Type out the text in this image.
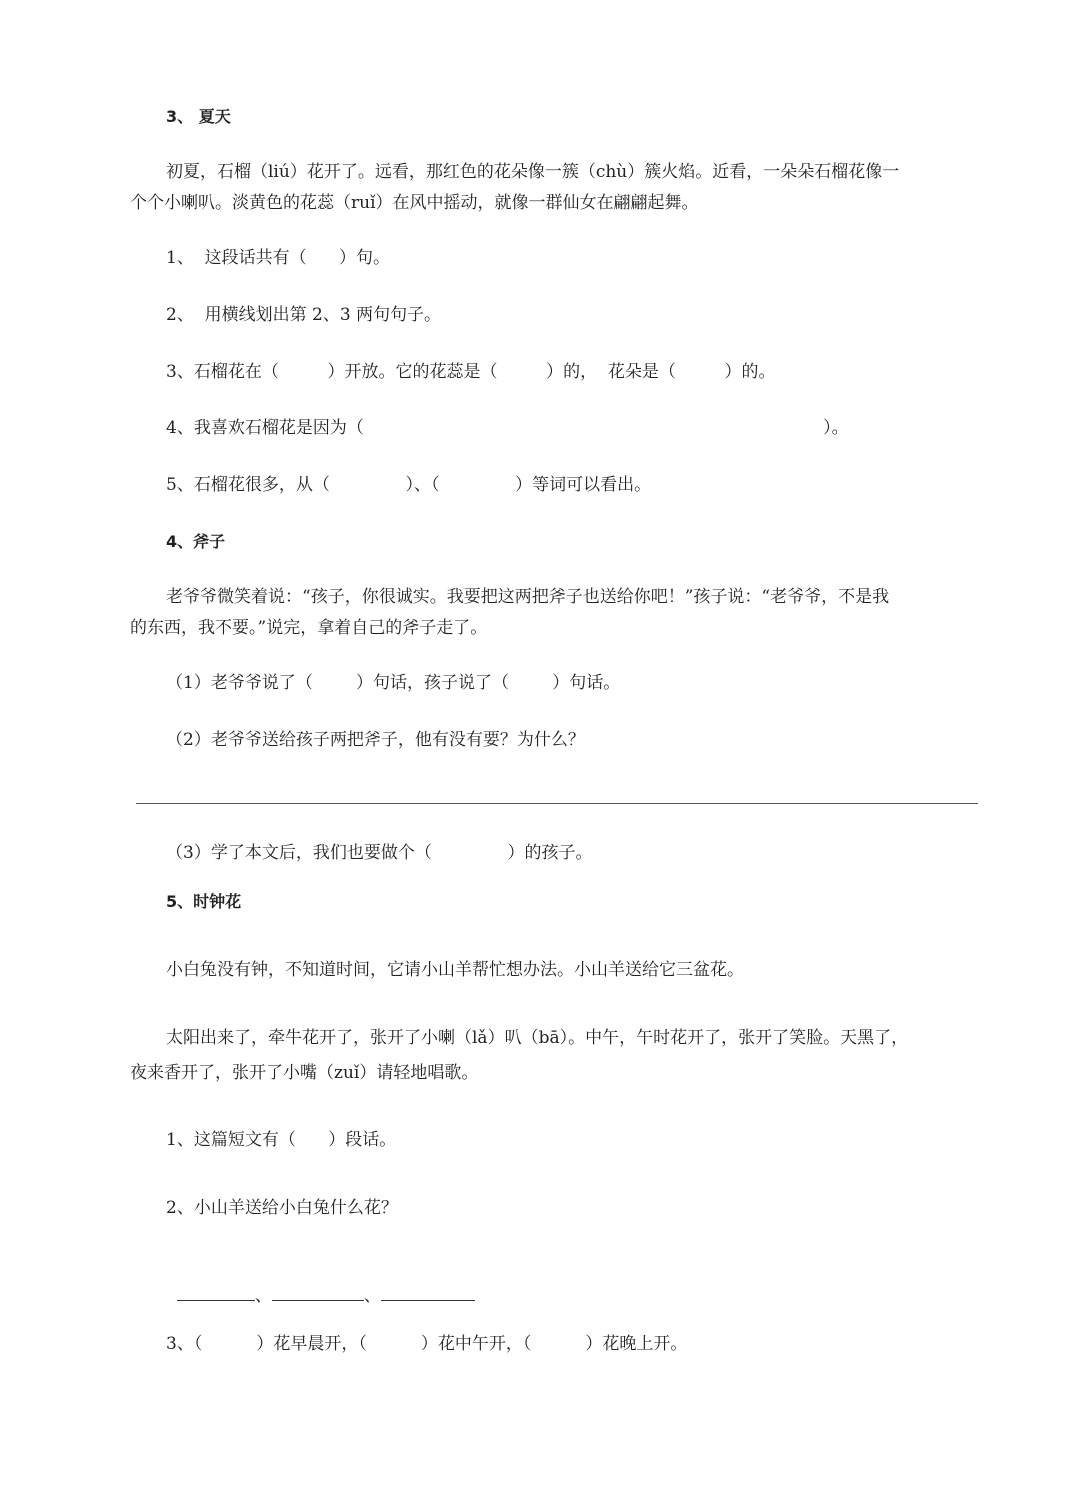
3、 夏天
初夏，石榴（liú）花开了。远看，那红色的花朵像一簇（chù）簇火焰。近看，一朵朵石榴花像一
个个小喇叭。淡黄色的花蕊（ruǐ）在风中摇动，就像一群仙女在翩翩起舞。
1、  这段话共有（      ）句。
2、  用横线划出第 2、3 两句句子。
3、石榴花在（         ）开放。它的花蕊是（         ）的，  花朵是（         ）的。
4、我喜欢石榴花是因为（                                                                                     ）。
5、石榴花很多，从（              ）、（              ）等词可以看出。
4、斧子
老爷爷微笑着说：“孩子，你很诚实。我要把这两把斧子也送给你吧！”孩子说：“老爷爷，不是我
的东西，我不要。”说完，拿着自己的斧子走了。
（1）老爷爷说了（        ）句话，孩子说了（        ）句话。
（2）老爷爷送给孩子两把斧子，他有没有要？为什么？
（3）学了本文后，我们也要做个（              ）的孩子。
5、时钟花
小白兔没有钟，不知道时间，它请小山羊帮忙想办法。小山羊送给它三盆花。
太阳出来了，牵牛花开了，张开了小喇（lǎ）叭（bā）。中午，午时花开了，张开了笑脸。天黑了，
夜来香开了，张开了小嘴（zuǐ）请轻地唱歌。
1、这篇短文有（      ）段话。
2、小山羊送给小白兔什么花？

、	、

3、（          ）花早晨开，（          ）花中午开，（          ）花晚上开。
